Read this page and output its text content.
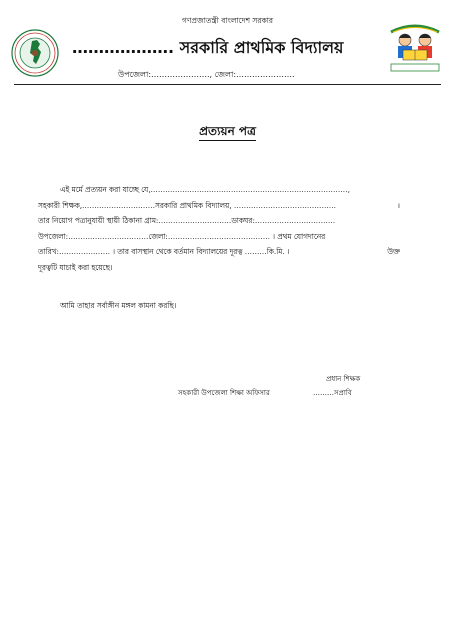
গণপ্রজাতন্ত্রী বাংলাদেশ সরকার
………………. সরকারি প্রাথমিক বিদ্যালয়
উপজেলা:…………………., জেলা:………………….
প্রত্যয়ন পত্র
এই মর্মে প্রত্যয়ন করা যাচ্ছে যে,………………………………………………………………………,
সহকারী শিক্ষক,…………………………সরকারি প্রাথমিক বিদ্যালয়, ……………………………………	।
তার নিয়োগ পত্রানুযায়ী স্থায়ী ঠিকানা গ্রাম:…………………………ডাকঘর:……………………………
উপজেলা:……………………………জেলা:…………………………………… । প্রথম যোগদানের
তারিখ:………………… । তার বাসস্থান থেকে বর্তমান বিদ্যালয়ের দূরত্ব ………কি.মি. ।	উক্ত
দূরত্বটি যাচাই করা হয়েছে।
আমি তাহার সর্বাঙ্গীন মঙ্গল কামনা করছি।
প্রধান শিক্ষক
সহকারী উপজেলা শিক্ষা অফিসার	………সপ্রাবি
